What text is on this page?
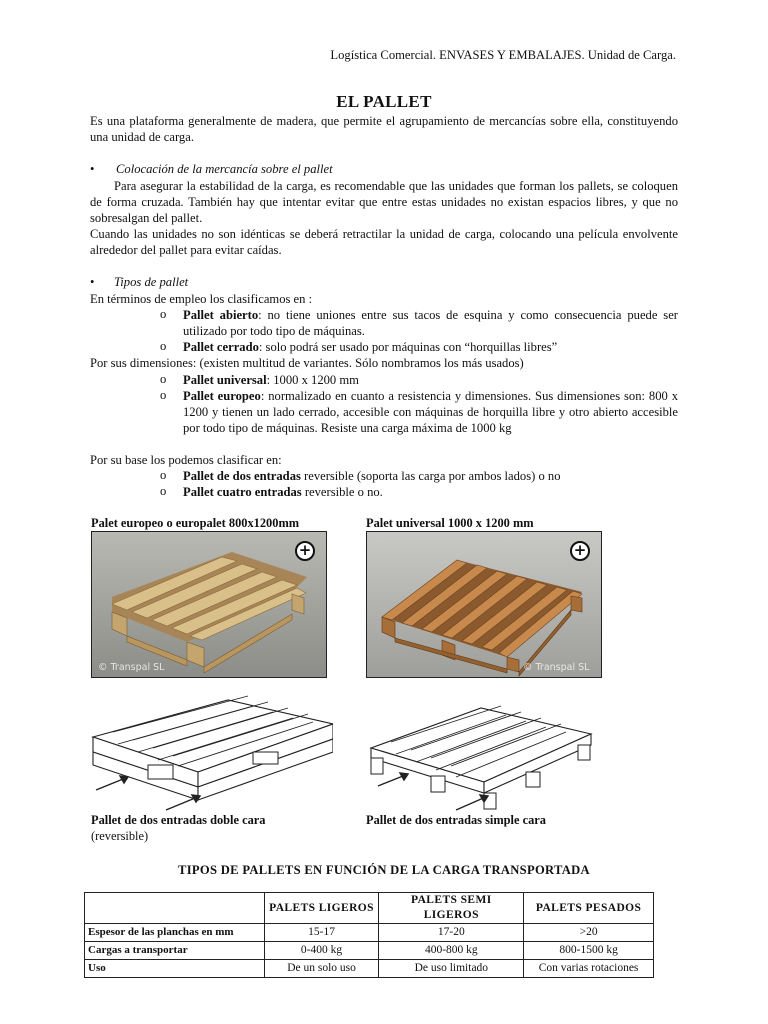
Logística Comercial. ENVASES Y EMBALAJES. Unidad de Carga.
EL PALLET
Es una plataforma generalmente de madera, que permite el agrupamiento de mercancías sobre ella, constituyendo una unidad de carga.
• Colocación de la mercancía sobre el pallet
Para asegurar la estabilidad de la carga, es recomendable que las unidades que forman los pallets, se coloquen de forma cruzada. También hay que intentar evitar que entre estas unidades no existan espacios libres, y que no sobresalgan del pallet.
Cuando las unidades no son idénticas se deberá retractilar la unidad de carga, colocando una película envolvente alrededor del pallet para evitar caídas.
• Tipos de pallet
En términos de empleo los clasificamos en :
o Pallet abierto: no tiene uniones entre sus tacos de esquina y como consecuencia puede ser utilizado por todo tipo de máquinas.
o Pallet cerrado: solo podrá ser usado por máquinas con “horquillas libres”
Por sus dimensiones: (existen multitud de variantes. Sólo nombramos los más usados)
o Pallet universal: 1000 x 1200 mm
o Pallet europeo: normalizado en cuanto a resistencia y dimensiones. Sus dimensiones son: 800 x 1200 y tienen un lado cerrado, accesible con máquinas de horquilla libre y otro abierto accesible por todo tipo de máquinas. Resiste una carga máxima de 1000 kg
Por su base los podemos clasificar en:
o Pallet de dos entradas reversible (soporta las carga por ambos lados) o no
o Pallet cuatro entradas reversible o no.
Palet europeo o europalet 800x1200mm	Palet universal 1000 x 1200 mm
+
© Transpal SL
+
© Transpal SL
Pallet de dos entradas doble cara
(reversible)
Pallet de dos entradas simple cara
TIPOS DE PALLETS EN FUNCIÓN DE LA CARGA TRANSPORTADA
	PALETS LIGEROS	PALETS SEMI LIGEROS	PALETS PESADOS
Espesor de las planchas en mm	15-17	17-20	>20
Cargas a transportar	0-400 kg	400-800 kg	800-1500 kg
Uso	De un solo uso	De uso limitado	Con varias rotaciones
